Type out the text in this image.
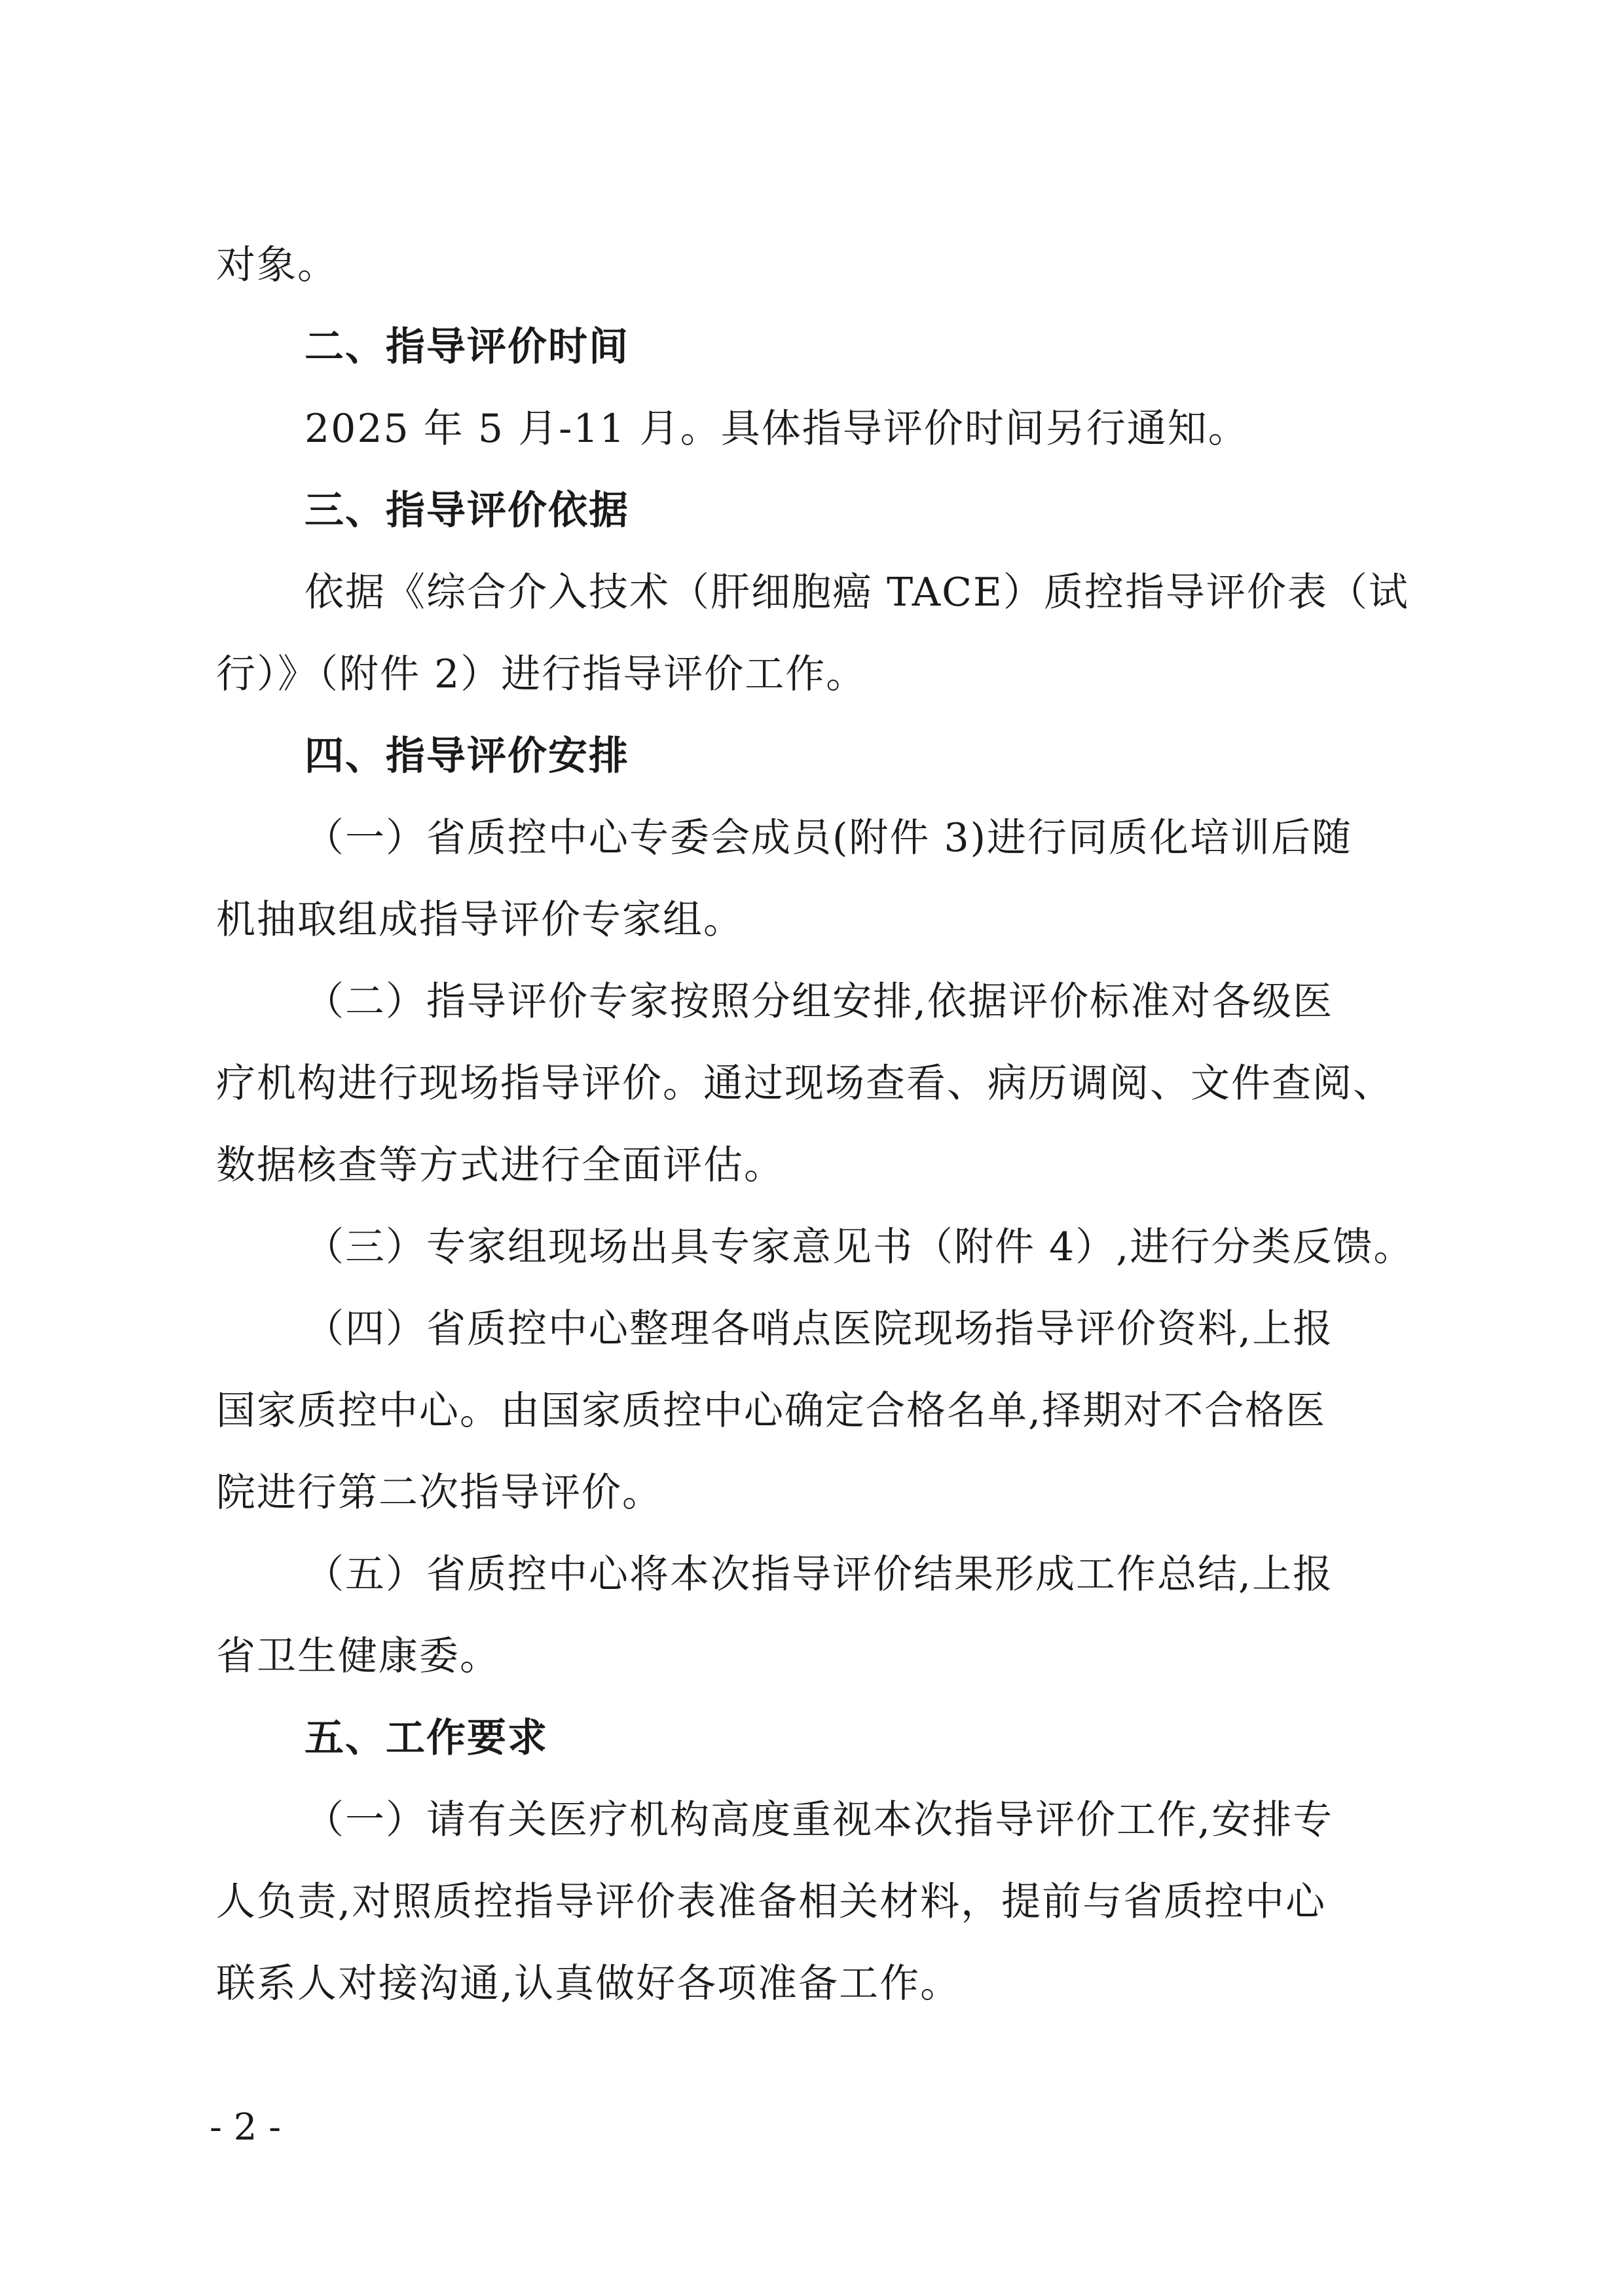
对象。
二、指导评价时间
2025 年 5 月-11 月。具体指导评价时间另行通知。
三、指导评价依据
依据《综合介入技术（肝细胞癌 TACE）质控指导评价表（试
行）》（附件 2）进行指导评价工作。
四、指导评价安排
（一）省质控中心专委会成员(附件 3)进行同质化培训后随
机抽取组成指导评价专家组。
（二）指导评价专家按照分组安排,依据评价标准对各级医
疗机构进行现场指导评价。通过现场查看、病历调阅、文件查阅、
数据核查等方式进行全面评估。
（三）专家组现场出具专家意见书（附件 4）,进行分类反馈。
（四）省质控中心整理各哨点医院现场指导评价资料,上报
国家质控中心。由国家质控中心确定合格名单,择期对不合格医
院进行第二次指导评价。
（五）省质控中心将本次指导评价结果形成工作总结,上报
省卫生健康委。
五、工作要求
（一）请有关医疗机构高度重视本次指导评价工作,安排专
人负责,对照质控指导评价表准备相关材料，提前与省质控中心
联系人对接沟通,认真做好各项准备工作。
- 2 -
